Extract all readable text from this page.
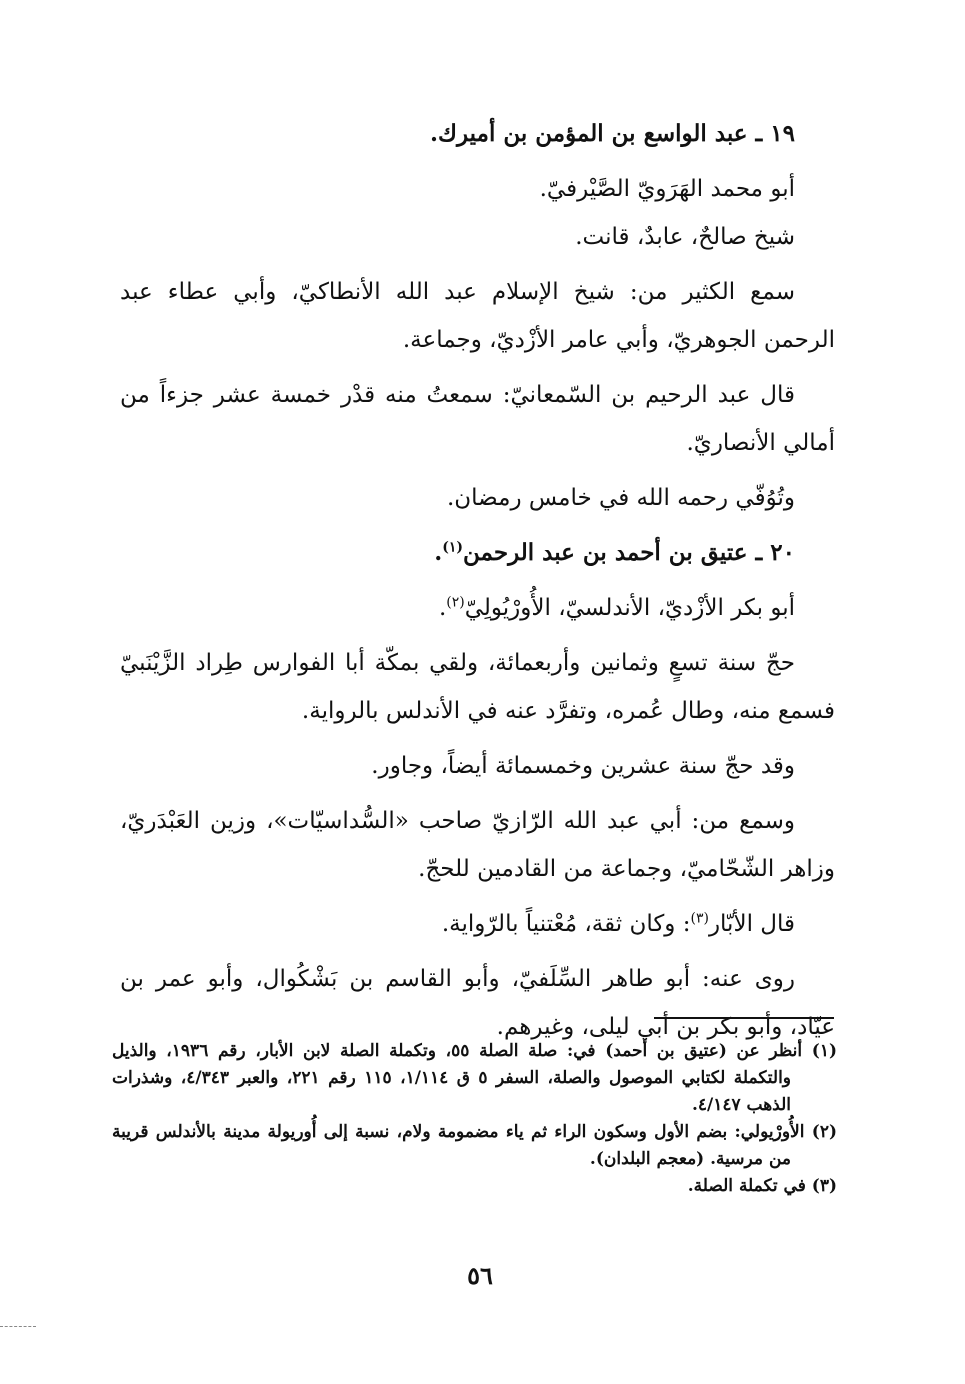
١٩ ـ عبد الواسع بن المؤمن بن أميرك.

أبو محمد الهَرَويّ الصَّيْرفيّ.

شيخ صالحٌ، عابدٌ، قانت.

سمع الكثير من: شيخ الإسلام عبد الله الأنطاكيّ، وأبي عطاء عبد الرحمن الجوهريّ، وأبي عامر الأزْديّ، وجماعة.

قال عبد الرحيم بن السّمعانيّ: سمعتُ منه قدْر خمسة عشر جزءاً من أمالي الأنصاريّ.

وتُوُفّي رحمه الله في خامس رمضان.

٢٠ ـ عتيق بن أحمد بن عبد الرحمن$^{(١)}$.

أبو بكر الأزْديّ، الأندلسيّ، الأُورْيُولِيّ$^{(٢)}$.

حجّ سنة تسعٍ وثمانين وأربعمائة، ولقي بمكّة أبا الفوارس طِراد الزَّيْنَبيّ فسمع منه، وطال عُمره، وتفرَّد عنه في الأندلس بالرواية.

وقد حجّ سنة عشرين وخمسمائة أيضاً، وجاور.

وسمع من: أبي عبد الله الرّازيّ صاحب «السُّداسيّات»، وزين العَبْدَريّ، وزاهر الشّحّاميّ، وجماعة من القادمين للحجّ.

قال الأبّار$^{(٣)}$: وكان ثقة، مُعْتنياً بالرّواية.

روى عنه: أبو طاهر السِّلَفيّ، وأبو القاسم بن بَشْكُوال، وأبو عمر بن عيّاد، وأبو بكر بن أبي ليلى، وغيرهم.

(١) أنظر عن (عتيق بن أحمد) في: صلة الصلة ٥٥، وتكملة الصلة لابن الأبار، رقم ١٩٣٦، والذيل والتكملة لكتابي الموصول والصلة، السفر ٥ ق ١/١١٤، ١١٥ رقم ٢٢١، والعبر ٤/٣٤٣، وشذرات الذهب ٤/١٤٧.

(٢) الأُورْيولي: بضم الأول وسكون الراء ثم ياء مضمومة ولام، نسبة إلى أُوريولة مدينة بالأندلس قريبة من مرسية. (معجم البلدان).

(٣) في تكملة الصلة.

٥٦
